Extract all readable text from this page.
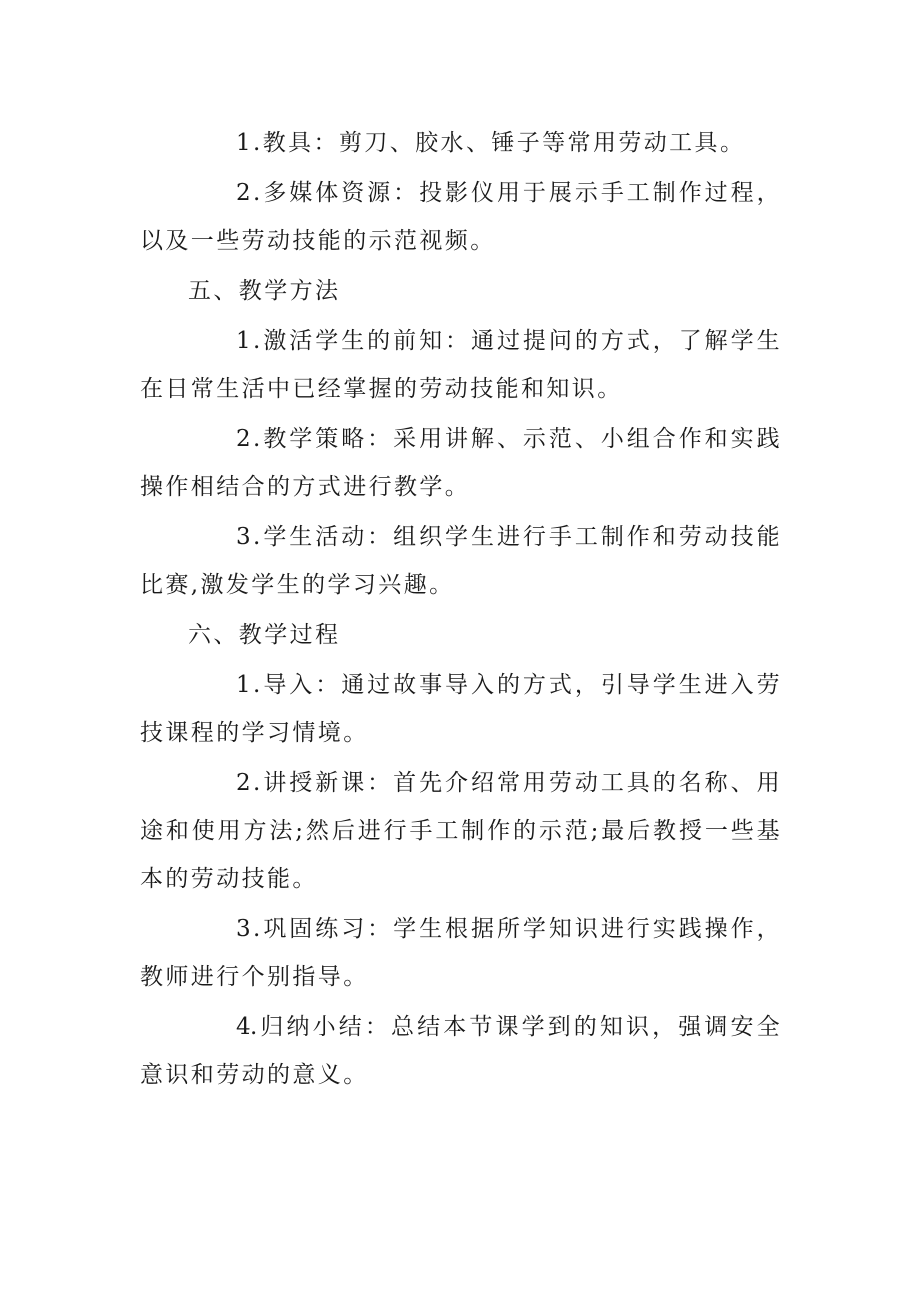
1.教具：剪刀、胶水、锤子等常用劳动工具。

2.多媒体资源：投影仪用于展示手工制作过程，以及一些劳动技能的示范视频。

五、教学方法

1.激活学生的前知：通过提问的方式，了解学生在日常生活中已经掌握的劳动技能和知识。

2.教学策略：采用讲解、示范、小组合作和实践操作相结合的方式进行教学。

3.学生活动：组织学生进行手工制作和劳动技能比赛,激发学生的学习兴趣。

六、教学过程

1.导入：通过故事导入的方式，引导学生进入劳技课程的学习情境。

2.讲授新课：首先介绍常用劳动工具的名称、用途和使用方法;然后进行手工制作的示范;最后教授一些基本的劳动技能。

3.巩固练习：学生根据所学知识进行实践操作，教师进行个别指导。

4.归纳小结：总结本节课学到的知识，强调安全意识和劳动的意义。
